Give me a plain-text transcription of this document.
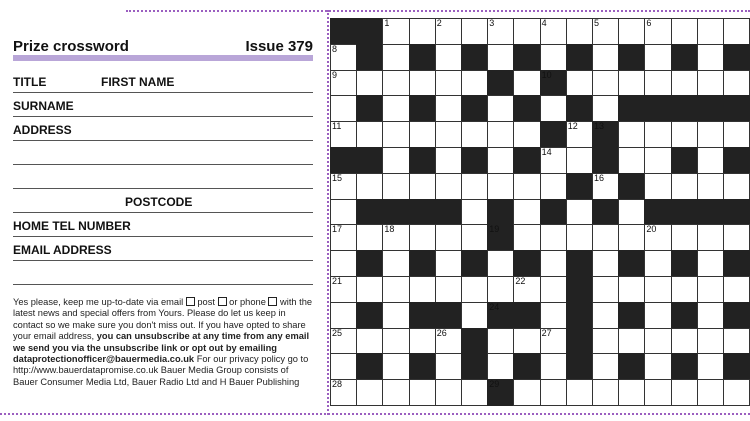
Prize crossword	Issue 379
TITLE	FIRST NAME
SURNAME
ADDRESS
POSTCODE
HOME TEL NUMBER
EMAIL ADDRESS
Yes please, keep me up-to-date via email post or phone with the latest news and special offers from Yours. Please do let us keep in contact so we make sure you don't miss out. If you have opted to share your email address, you can unsubscribe at any time from any email we send you via the unsubscribe link or opt out by emailing dataprotectionofficer@bauermedia.co.uk For our privacy policy go to http://www.bauerdatapromise.co.uk Bauer Media Group consists of Bauer Consumer Media Ltd, Bauer Radio Ltd and H Bauer Publishing
1	2	3	4	5	6
8
9	10
11	12 13
14
15	16
17	18	19	20
21	22
24
25	26	27
28	29
